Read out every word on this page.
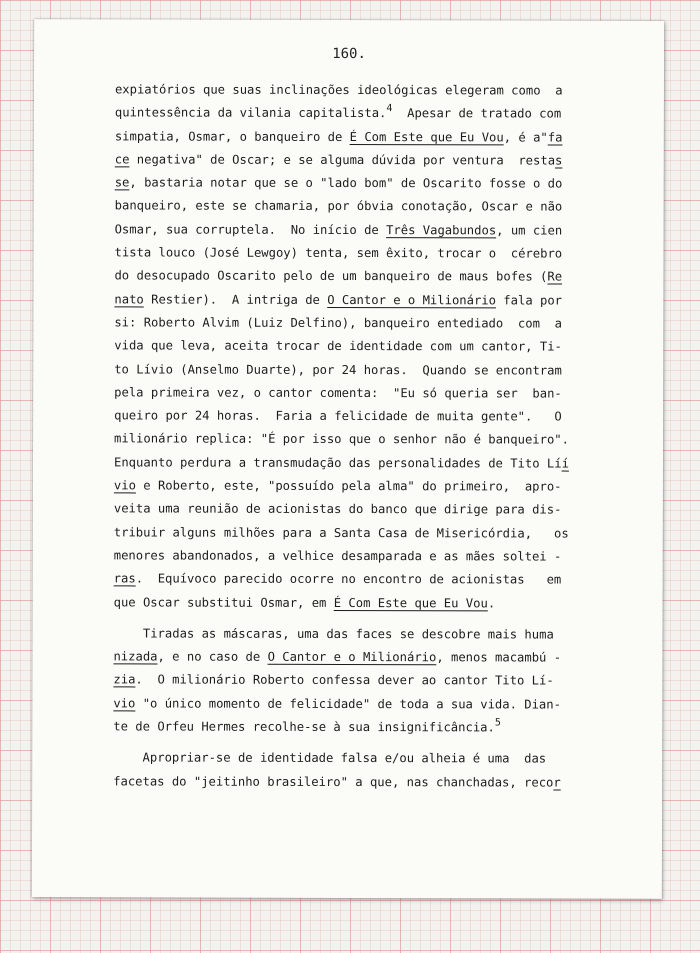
160.
expiatórios que suas inclinações ideológicas elegeram como  a
quintessência da vilania capitalista.$^4$  Apesar de tratado com
simpatia, Osmar, o banqueiro de É Com Este que Eu Vou, é a"fa
ce negativa" de Oscar; e se alguma dúvida por ventura  restas
se, bastaria notar que se o "lado bom" de Oscarito fosse o do
banqueiro, este se chamaria, por óbvia conotação, Oscar e não
Osmar, sua corruptela.  No início de Três Vagabundos, um cien
tista louco (José Lewgoy) tenta, sem êxito, trocar o  cérebro
do desocupado Oscarito pelo de um banqueiro de maus bofes (Re
nato Restier).  A intriga de O Cantor e o Milionário fala por
si: Roberto Alvim (Luiz Delfino), banqueiro entediado  com  a
vida que leva, aceita trocar de identidade com um cantor, Ti-
to Lívio (Anselmo Duarte), por 24 horas.  Quando se encontram
pela primeira vez, o cantor comenta:  "Eu só queria ser  ban-
queiro por 24 horas.  Faria a felicidade de muita gente".   O
milionário replica: "É por isso que o senhor não é banqueiro".
Enquanto perdura a transmudação das personalidades de Tito Líí
vio e Roberto, este, "possuído pela alma" do primeiro,  apro-
veita uma reunião de acionistas do banco que dirige para dis-
tribuir alguns milhões para a Santa Casa de Misericórdia,   os
menores abandonados, a velhice desamparada e as mães soltei -
ras.  Equívoco parecido ocorre no encontro de acionistas   em
que Oscar substitui Osmar, em É Com Este que Eu Vou.
Tiradas as máscaras, uma das faces se descobre mais huma
nizada, e no caso de O Cantor e o Milionário, menos macambú -
zia.  O milionário Roberto confessa dever ao cantor Tito Lí-
vio "o único momento de felicidade" de toda a sua vida. Dian-
te de Orfeu Hermes recolhe-se à sua insignificância.$^5$
Apropriar-se de identidade falsa e/ou alheia é uma  das
facetas do "jeitinho brasileiro" a que, nas chanchadas, recor
